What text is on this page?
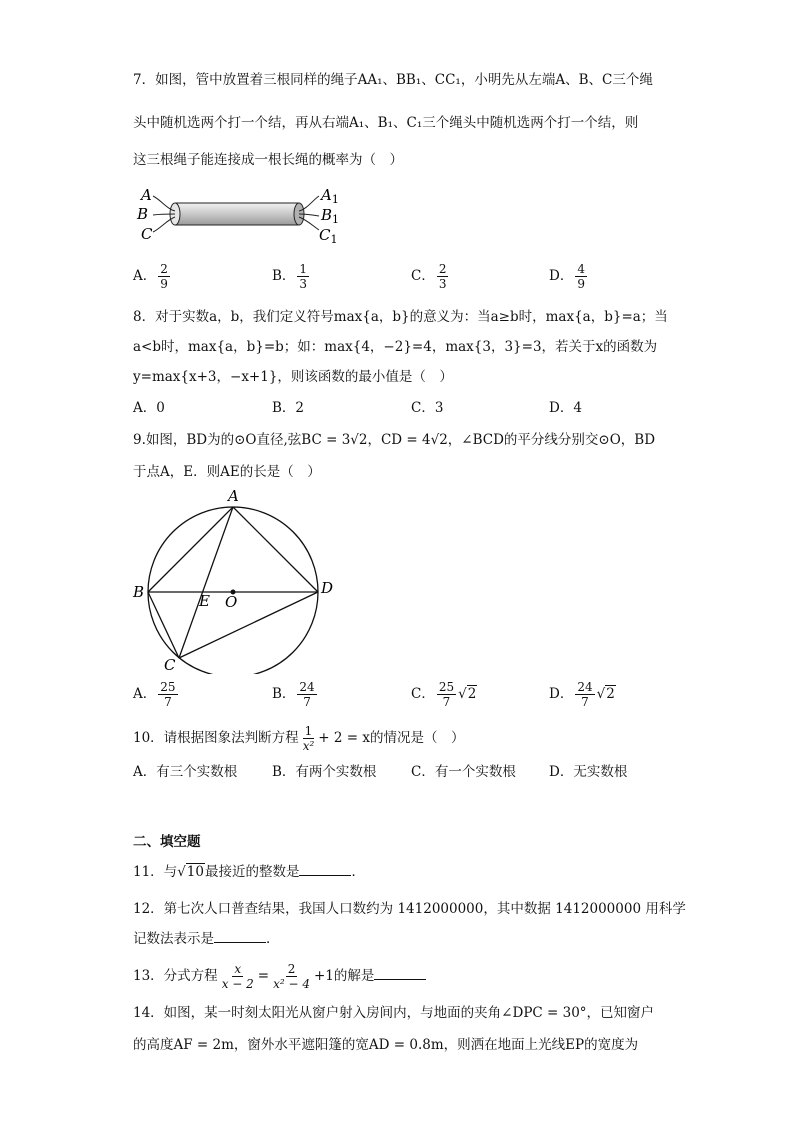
7．如图，管中放置着三根同样的绳子AA₁、BB₁、CC₁，小明先从左端A、B、C三个绳
头中随机选两个打一个结，再从右端A₁、B₁、C₁三个绳头中随机选两个打一个结，则
这三根绳子能连接成一根长绳的概率为（　）
A
B
C
$A_1$
$B_1$
$C_1$
A． $\frac{2}{9}$	B． $\frac{1}{3}$	C． $\frac{2}{3}$	D． $\frac{4}{9}$
8．对于实数a，b，我们定义符号max{a，b}的意义为：当a≥b时，max{a，b}=a；当
a<b时，max{a，b}=b；如：max{4，−2}=4，max{3，3}=3，若关于x的函数为
y=max{x+3，−x+1}，则该函数的最小值是（　）
A．0	B．2	C．3	D．4
9.如图，BD为的⊙O直径,弦BC = 3√2，CD = 4√2，∠BCD的平分线分别交⊙O，BD
于点A，E．则AE的长是（　）
A
B
C
D
E O
A． $\frac{25}{7}$	B． $\frac{24}{7}$	C． $\frac{25}{7} √2$	D． $\frac{24}{7} √2$
10．请根据图象法判断方程 $\frac{1}{\text{x²}} + 2 = x$的情况是（　）
A．有三个实数根	B．有两个实数根	C．有一个实数根 D．无实数根
二、填空题
11．与√10最接近的整数是	．
12．第七次人口普查结果，我国人口数约为 1412000000，其中数据 1412000000 用科学
记数法表示是	．
13．分式方程 $\frac{x}{x - 2} = \frac{2}{\text{x² − 4}} +1$的解是
14．如图，某一时刻太阳光从窗户射入房间内，与地面的夹角∠DPC = 30°，已知窗户
的高度AF = 2m，窗外水平遮阳篷的宽AD = 0.8m，则洒在地面上光线EP的宽度为
